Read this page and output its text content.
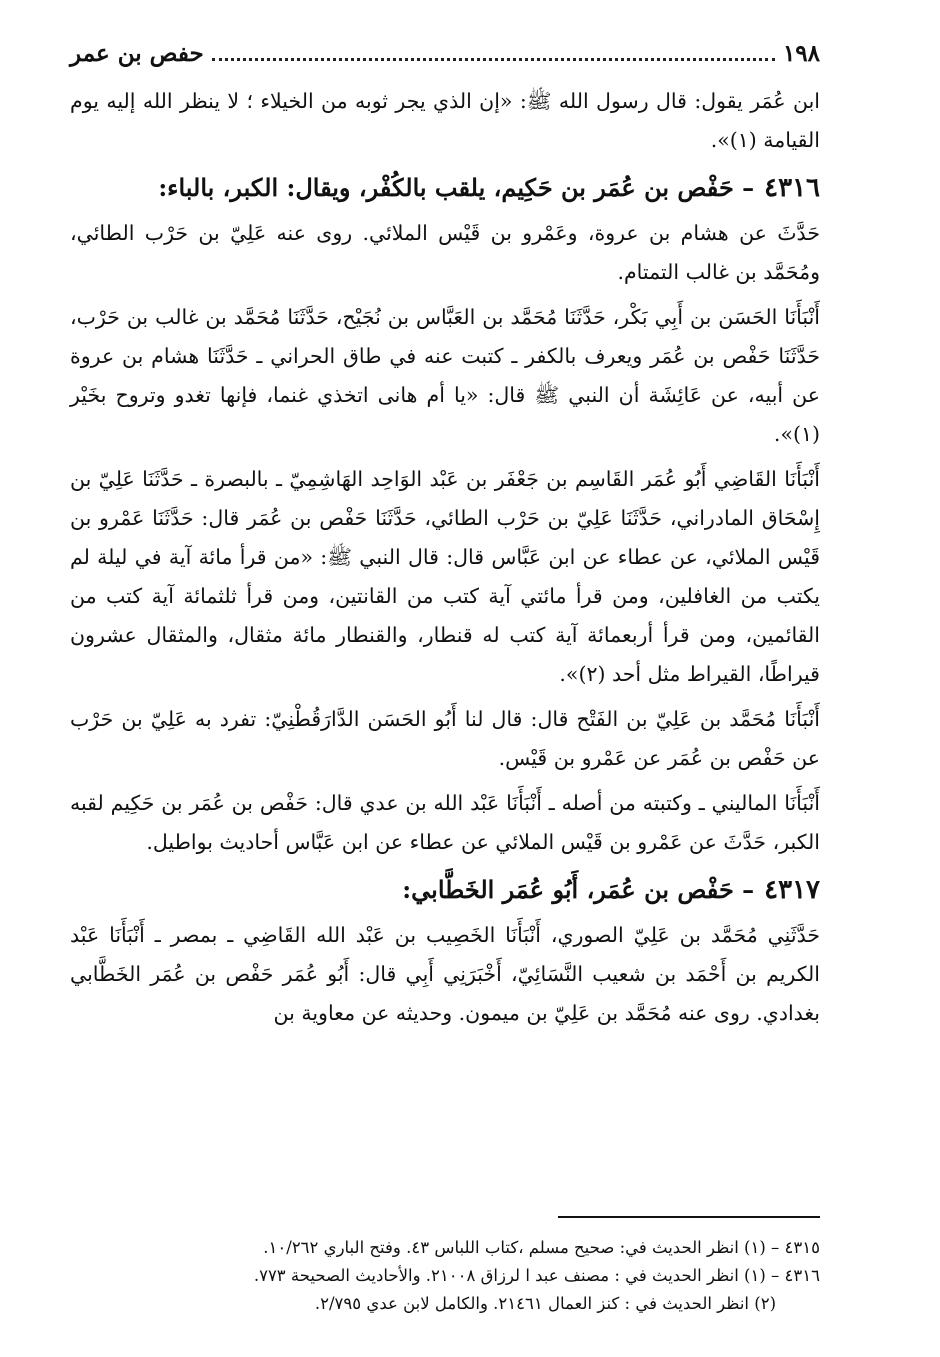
١٩٨
حفص بن عمر

ابن عُمَر يقول: قال رسول الله ﷺ: «إن الذي يجر ثوبه من الخيلاء ؛ لا ينظر الله إليه يوم القيامة (١)».

٤٣١٦– حَفْص بن عُمَر بن حَكِيم، يلقب بالكُفْر، ويقال: الكبر، بالباء:

حَدَّثَ عن هشام بن عروة، وعَمْرو بن قَيْس الملائي. روى عنه عَلِيّ بن حَرْب الطائي، ومُحَمَّد بن غالب التمتام.

أَنْبَأَنَا الحَسَن بن أَبِي بَكْر، حَدَّثَنَا مُحَمَّد بن العَبَّاس بن نُجَيْح، حَدَّثَنَا مُحَمَّد بن غالب بن حَرْب، حَدَّثَنَا حَفْص بن عُمَر ويعرف بالكفر ـ كتبت عنه في طاق الحراني ـ حَدَّثَنَا هشام بن عروة عن أبيه، عن عَائِشَة أن النبي ﷺ قال: «يا أم هانى اتخذي غنما، فإنها تغدو وتروح بخَيْر (١)».

أَنْبَأَنَا القَاضِي أَبُو عُمَر القَاسِم بن جَعْفَر بن عَبْد الوَاحِد الهَاشِمِيّ ـ بالبصرة ـ حَدَّثَنَا عَلِيّ بن إِسْحَاق المادراني، حَدَّثَنَا عَلِيّ بن حَرْب الطائي، حَدَّثَنَا حَفْص بن عُمَر قال: حَدَّثَنَا عَمْرو بن قَيْس الملائي، عن عطاء عن ابن عَبَّاس قال: قال النبي ﷺ: «من قرأ مائة آية في ليلة لم يكتب من الغافلين، ومن قرأ مائتي آية كتب من القانتين، ومن قرأ ثلثمائة آية كتب من القائمين، ومن قرأ أربعمائة آية كتب له قنطار، والقنطار مائة مثقال، والمثقال عشرون قيراطًا، القيراط مثل أحد (٢)».

أَنْبَأَنَا مُحَمَّد بن عَلِيّ بن الفَتْح قال: قال لنا أَبُو الحَسَن الدَّارَقُطْنِيّ: تفرد به عَلِيّ بن حَرْب عن حَفْص بن عُمَر عن عَمْرو بن قَيْس.

أَنْبَأَنَا الماليني ـ وكتبته من أصله ـ أَنْبَأَنَا عَبْد الله بن عدي قال: حَفْص بن عُمَر بن حَكِيم لقبه الكبر، حَدَّثَ عن عَمْرو بن قَيْس الملائي عن عطاء عن ابن عَبَّاس أحاديث بواطيل.

٤٣١٧– حَفْص بن عُمَر، أَبُو عُمَر الخَطَّابي:

حَدَّثَنِي مُحَمَّد بن عَلِيّ الصوري، أَنْبَأَنَا الخَصِيب بن عَبْد الله القَاضِي ـ بمصر ـ أَنْبَأَنَا عَبْد الكريم بن أَحْمَد بن شعيب النَّسَائِيّ، أَخْبَرَنِي أَبِي قال: أَبُو عُمَر حَفْص بن عُمَر الخَطَّابي بغدادي. روى عنه مُحَمَّد بن عَلِيّ بن ميمون. وحديثه عن معاوية بن

٤٣١٥ – (١) انظر الحديث في: صحيح مسلم ،كتاب اللباس ٤٣. وفتح الباري ١٠/٢٦٢.
٤٣١٦ – (١) انظر الحديث في : مصنف عبد ا لرزاق ٢١٠٠٨. والأحاديث الصحيحة ٧٧٣.
(٢) انظر الحديث في : كنز العمال ٢١٤٦١. والكامل لابن عدي ٢/٧٩٥.
